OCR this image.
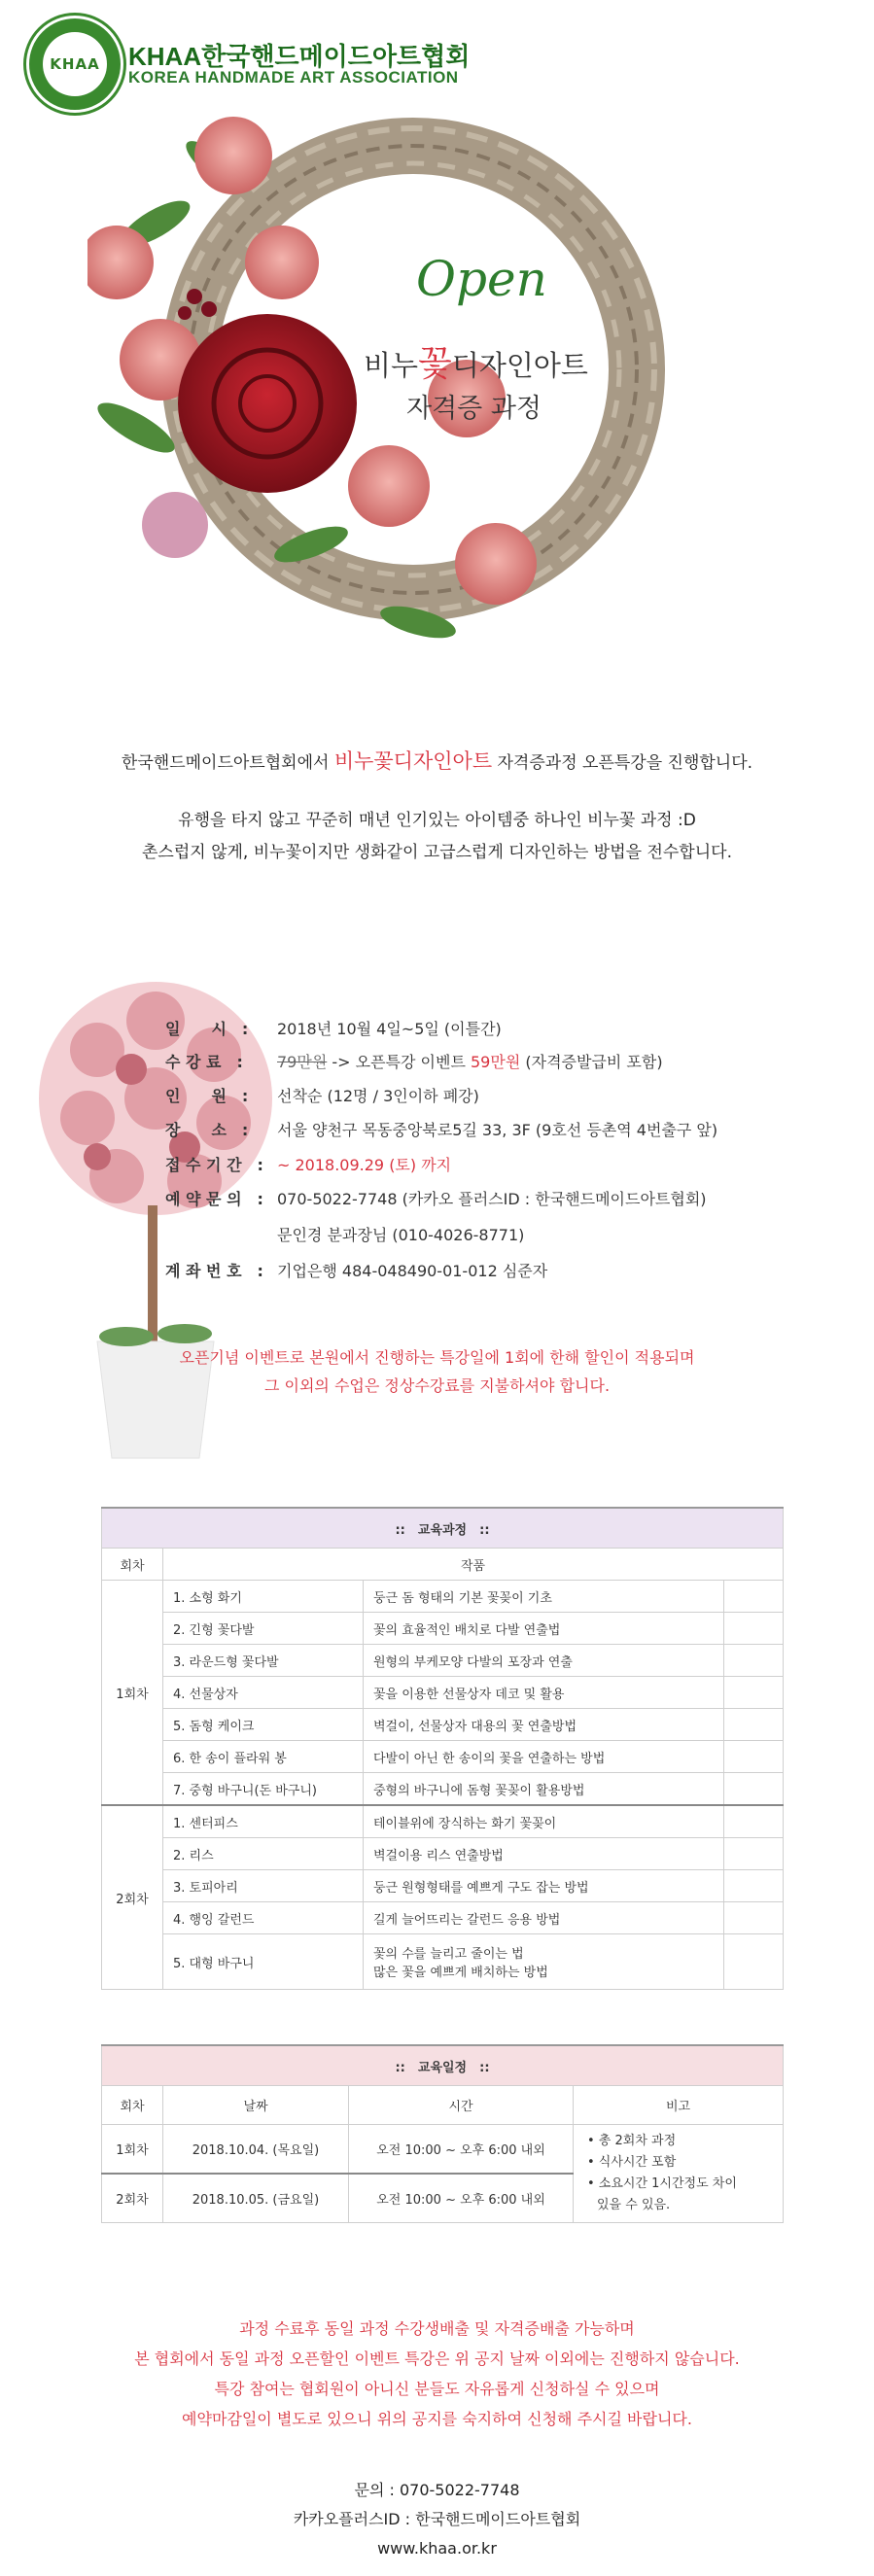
KHAA KHAA한국핸드메이드아트협회
KOREA HANDMADE ART ASSOCIATION
Open
비누꽃디자인아트
자격증 과정
한국핸드메이드아트협회에서 비누꽃디자인아트 자격증과정 오픈특강을 진행합니다.
유행을 타지 않고 꾸준히 매년 인기있는 아이템중 하나인 비누꽃 과정 :D
촌스럽지 않게, 비누꽃이지만 생화같이 고급스럽게 디자인하는 방법을 전수합니다.
일　　시　: 2018년 10월 4일~5일 (이틀간)
수 강 료　: 79만원 -> 오픈특강 이벤트 59만원 (자격증발급비 포함)
인　　원　: 선착순 (12명 / 3인이하 폐강)
장　　소　: 서울 양천구 목동중앙북로5길 33, 3F (9호선 등촌역 4번출구 앞)
접 수 기 간　: ~ 2018.09.29 (토) 까지
예 약 문 의　: 070-5022-7748 (카카오 플러스ID : 한국핸드메이드아트협회)
문인경 분과장님 (010-4026-8771)
계 좌 번 호　: 기업은행 484-048490-01-012 심준자
오픈기념 이벤트로 본원에서 진행하는 특강일에 1회에 한해 할인이 적용되며
그 이외의 수업은 정상수강료를 지불하셔야 합니다.
::　교육과정　::			
회차	작품		
1회차	1. 소형 화기	둥근 돔 형태의 기본 꽃꽂이 기초	
	2. 긴형 꽃다발	꽃의 효율적인 배치로 다발 연출법	
	3. 라운드형 꽃다발	원형의 부케모양 다발의 포장과 연출	
	4. 선물상자	꽃을 이용한 선물상자 데코 및 활용	
	5. 돔형 케이크	벽걸이, 선물상자 대용의 꽃 연출방법	
	6. 한 송이 플라워 봉	다발이 아닌 한 송이의 꽃을 연출하는 방법	
	7. 중형 바구니(돈 바구니)	중형의 바구니에 돔형 꽃꽂이 활용방법	
2회차	1. 센터피스	테이블위에 장식하는 화기 꽃꽂이	
	2. 리스	벽걸이용 리스 연출방법	
	3. 토피아리	둥근 원형형태를 예쁘게 구도 잡는 방법	
	4. 행잉 갈런드	길게 늘어뜨리는 갈런드 응용 방법	
	5. 대형 바구니	꽃의 수를 늘리고 줄이는 법
많은 꽃을 예쁘게 배치하는 방법	

::　교육일정　::			
회차	날짜	시간	비고
1회차	2018.10.04. (목요일)	오전 10:00 ~ 오후 6:00 내외	• 총 2회차 과정
• 식사시간 포함
• 소요시간 1시간정도 차이
있을 수 있음.

2회차	2018.10.05. (금요일)	오전 10:00 ~ 오후 6:00 내외	
과정 수료후 동일 과정 수강생배출 및 자격증배출 가능하며
본 협회에서 동일 과정 오픈할인 이벤트 특강은 위 공지 날짜 이외에는 진행하지 않습니다.
특강 참여는 협회원이 아니신 분들도 자유롭게 신청하실 수 있으며
예약마감일이 별도로 있으니 위의 공지를 숙지하여 신청해 주시길 바랍니다.
문의 : 070-5022-7748
카카오플러스ID : 한국핸드메이드아트협회
www.khaa.or.kr
